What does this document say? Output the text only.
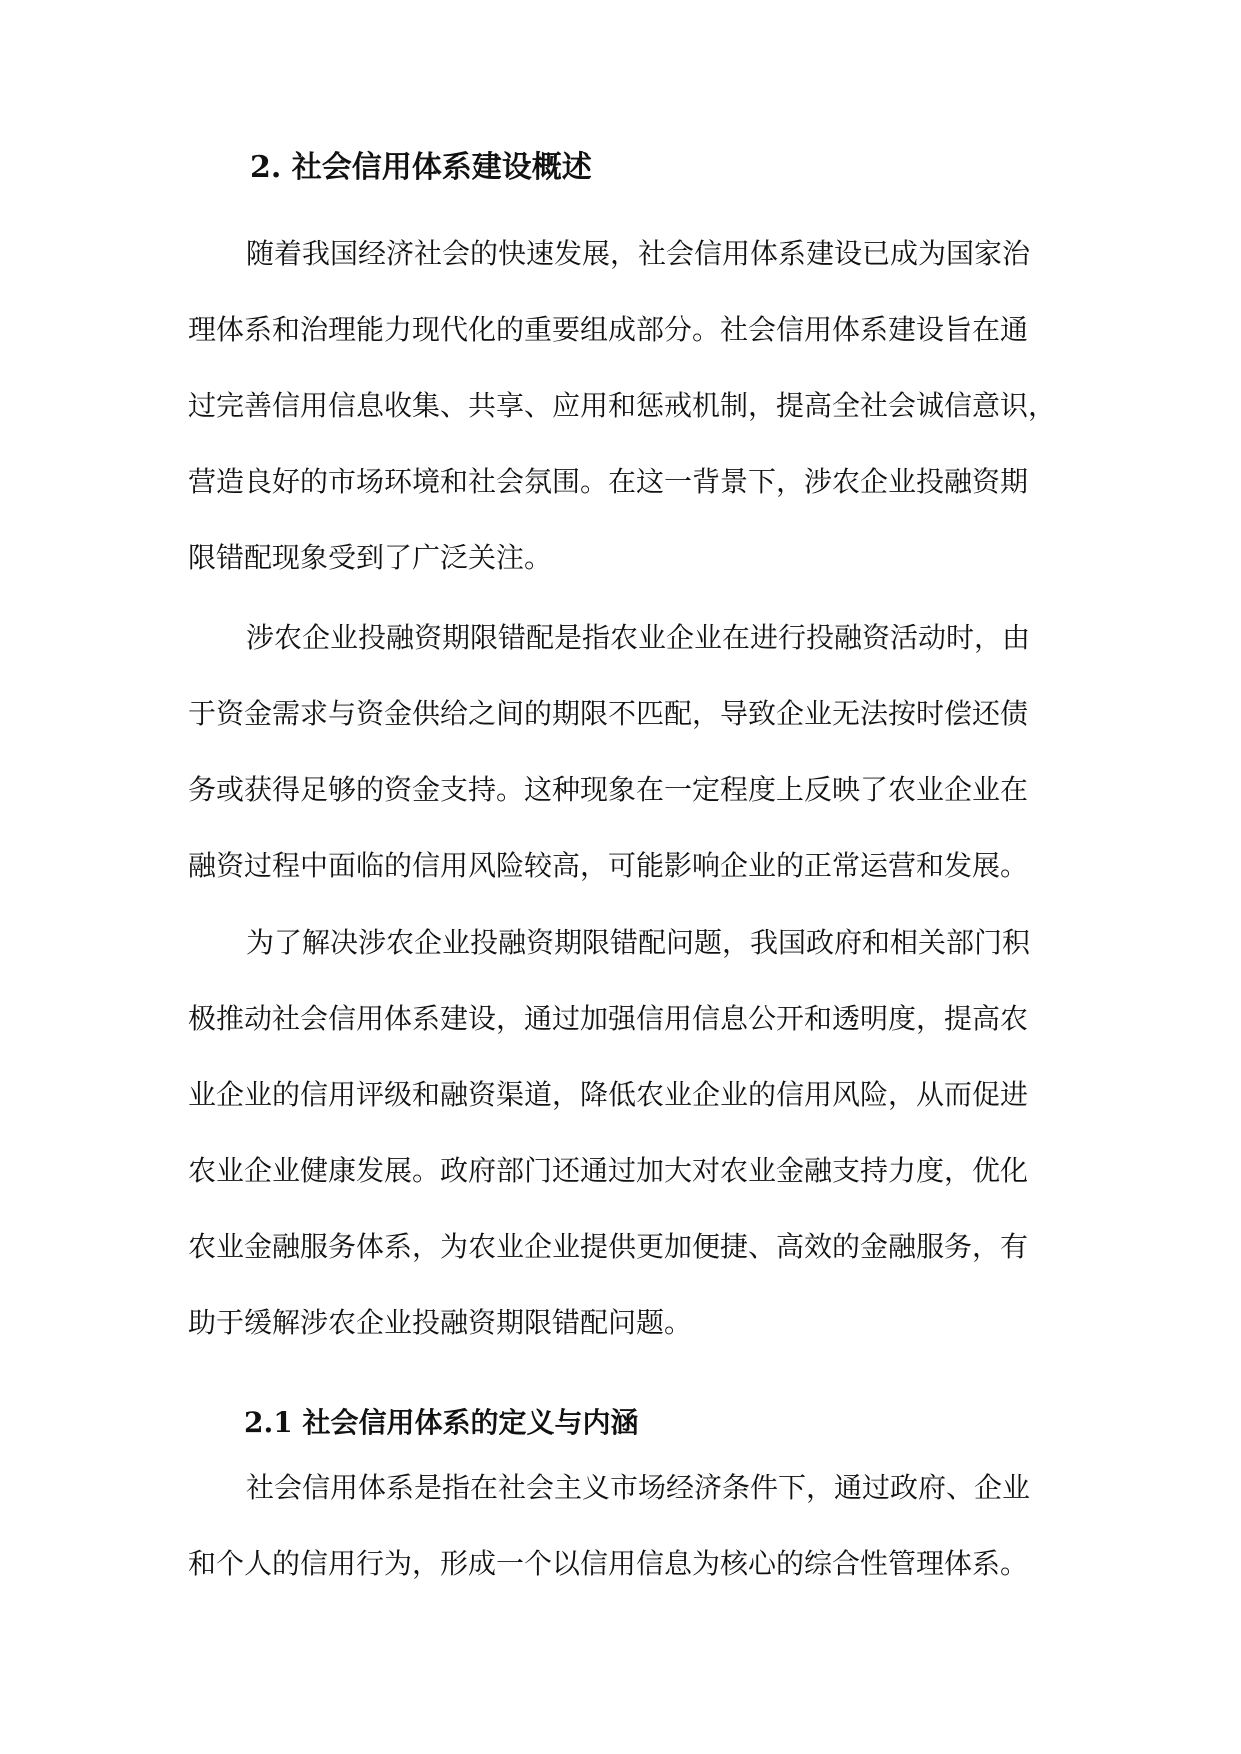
2. 社会信用体系建设概述
随着我国经济社会的快速发展，社会信用体系建设已成为国家治
理体系和治理能力现代化的重要组成部分。社会信用体系建设旨在通
过完善信用信息收集、共享、应用和惩戒机制，提高全社会诚信意识，
营造良好的市场环境和社会氛围。在这一背景下，涉农企业投融资期
限错配现象受到了广泛关注。
涉农企业投融资期限错配是指农业企业在进行投融资活动时，由
于资金需求与资金供给之间的期限不匹配，导致企业无法按时偿还债
务或获得足够的资金支持。这种现象在一定程度上反映了农业企业在
融资过程中面临的信用风险较高，可能影响企业的正常运营和发展。
为了解决涉农企业投融资期限错配问题，我国政府和相关部门积
极推动社会信用体系建设，通过加强信用信息公开和透明度，提高农
业企业的信用评级和融资渠道，降低农业企业的信用风险，从而促进
农业企业健康发展。政府部门还通过加大对农业金融支持力度，优化
农业金融服务体系，为农业企业提供更加便捷、高效的金融服务，有
助于缓解涉农企业投融资期限错配问题。
2.1 社会信用体系的定义与内涵
社会信用体系是指在社会主义市场经济条件下，通过政府、企业
和个人的信用行为，形成一个以信用信息为核心的综合性管理体系。
